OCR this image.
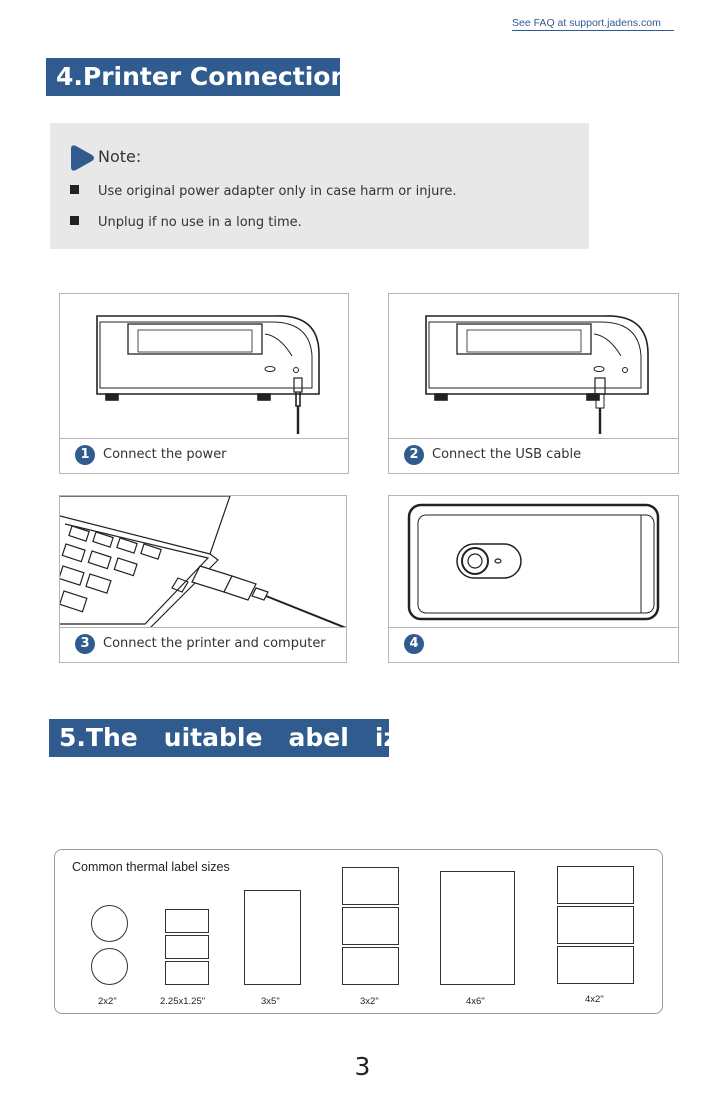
See FAQ at support.jadens.com
4.Printer Connection
Note:
Use original power adapter only in case harm or injure.
Unplug if no use in a long time.
1	Connect the power	2	Connect the USB cable
3	Connect the printer and computer	4
5.The   uitable   abel   ize
Common thermal label sizes
2x2"	2.25x1.25"	3x5"	3x2"	4x6"	4x2"
3
